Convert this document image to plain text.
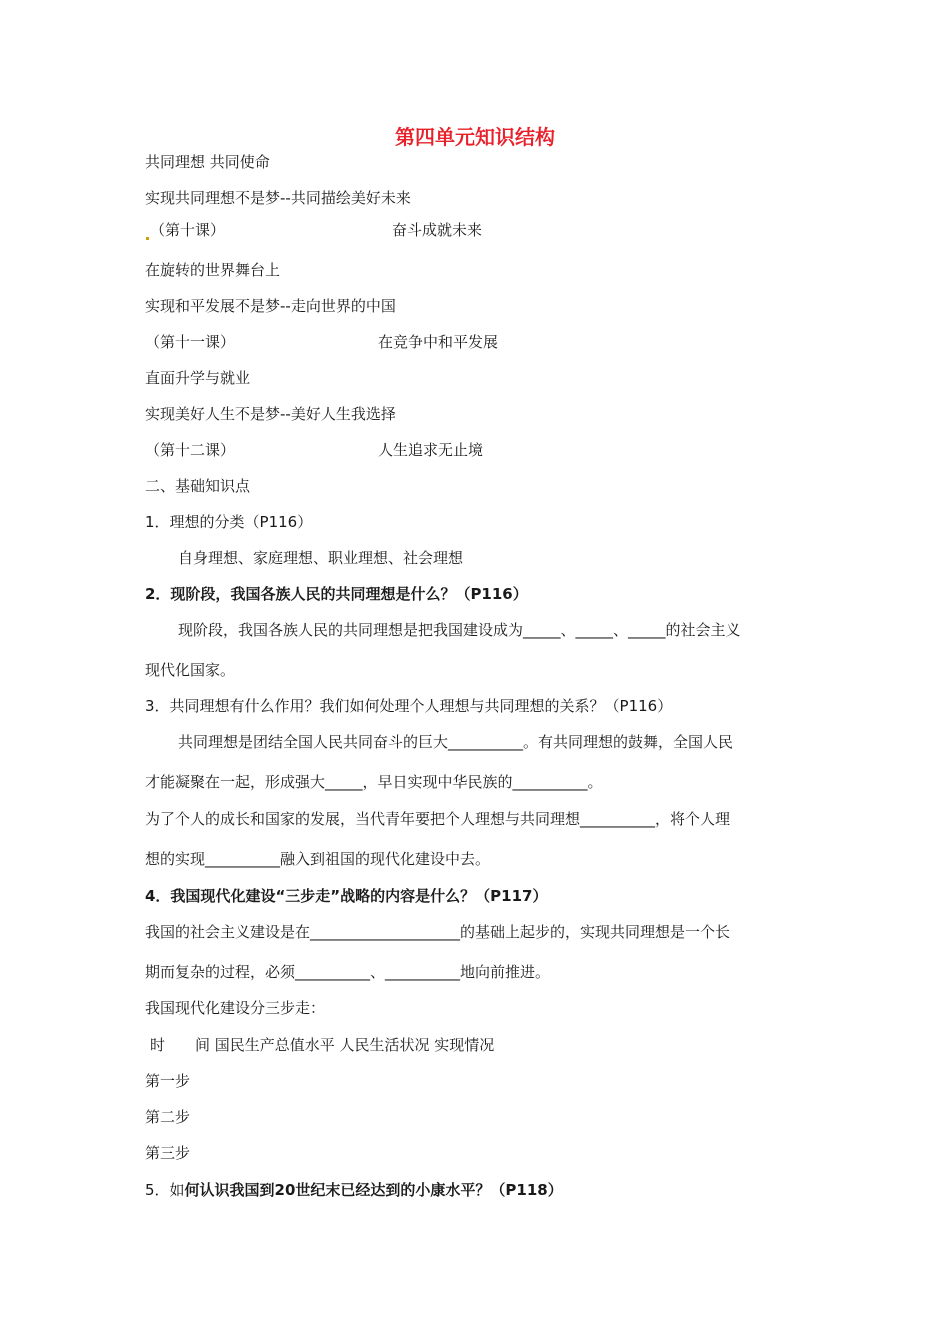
第四单元知识结构
共同理想 共同使命
实现共同理想不是梦--共同描绘美好未来
（第十课）	奋斗成就未来
在旋转的世界舞台上
实现和平发展不是梦--走向世界的中国
（第十一课）	在竞争中和平发展
直面升学与就业
实现美好人生不是梦--美好人生我选择
（第十二课）	人生追求无止境
二、基础知识点
1．理想的分类（P116）
自身理想、家庭理想、职业理想、社会理想
2．现阶段，我国各族人民的共同理想是什么？（P116）
现阶段，我国各族人民的共同理想是把我国建设成为_____、_____、_____的社会主义
现代化国家。
3．共同理想有什么作用？我们如何处理个人理想与共同理想的关系？（P116）
共同理想是团结全国人民共同奋斗的巨大__________。有共同理想的鼓舞，全国人民
才能凝聚在一起，形成强大_____，早日实现中华民族的__________。
为了个人的成长和国家的发展，当代青年要把个人理想与共同理想__________，将个人理
想的实现__________融入到祖国的现代化建设中去。
4．我国现代化建设“三步走”战略的内容是什么？（P117）
我国的社会主义建设是在____________________的基础上起步的，实现共同理想是一个长
期而复杂的过程，必须__________、__________地向前推进。
我国现代化建设分三步走：
时　　间 国民生产总值水平 人民生活状况 实现情况
第一步
第二步
第三步
5．如何认识我国到20世纪末已经达到的小康水平？（P118）
